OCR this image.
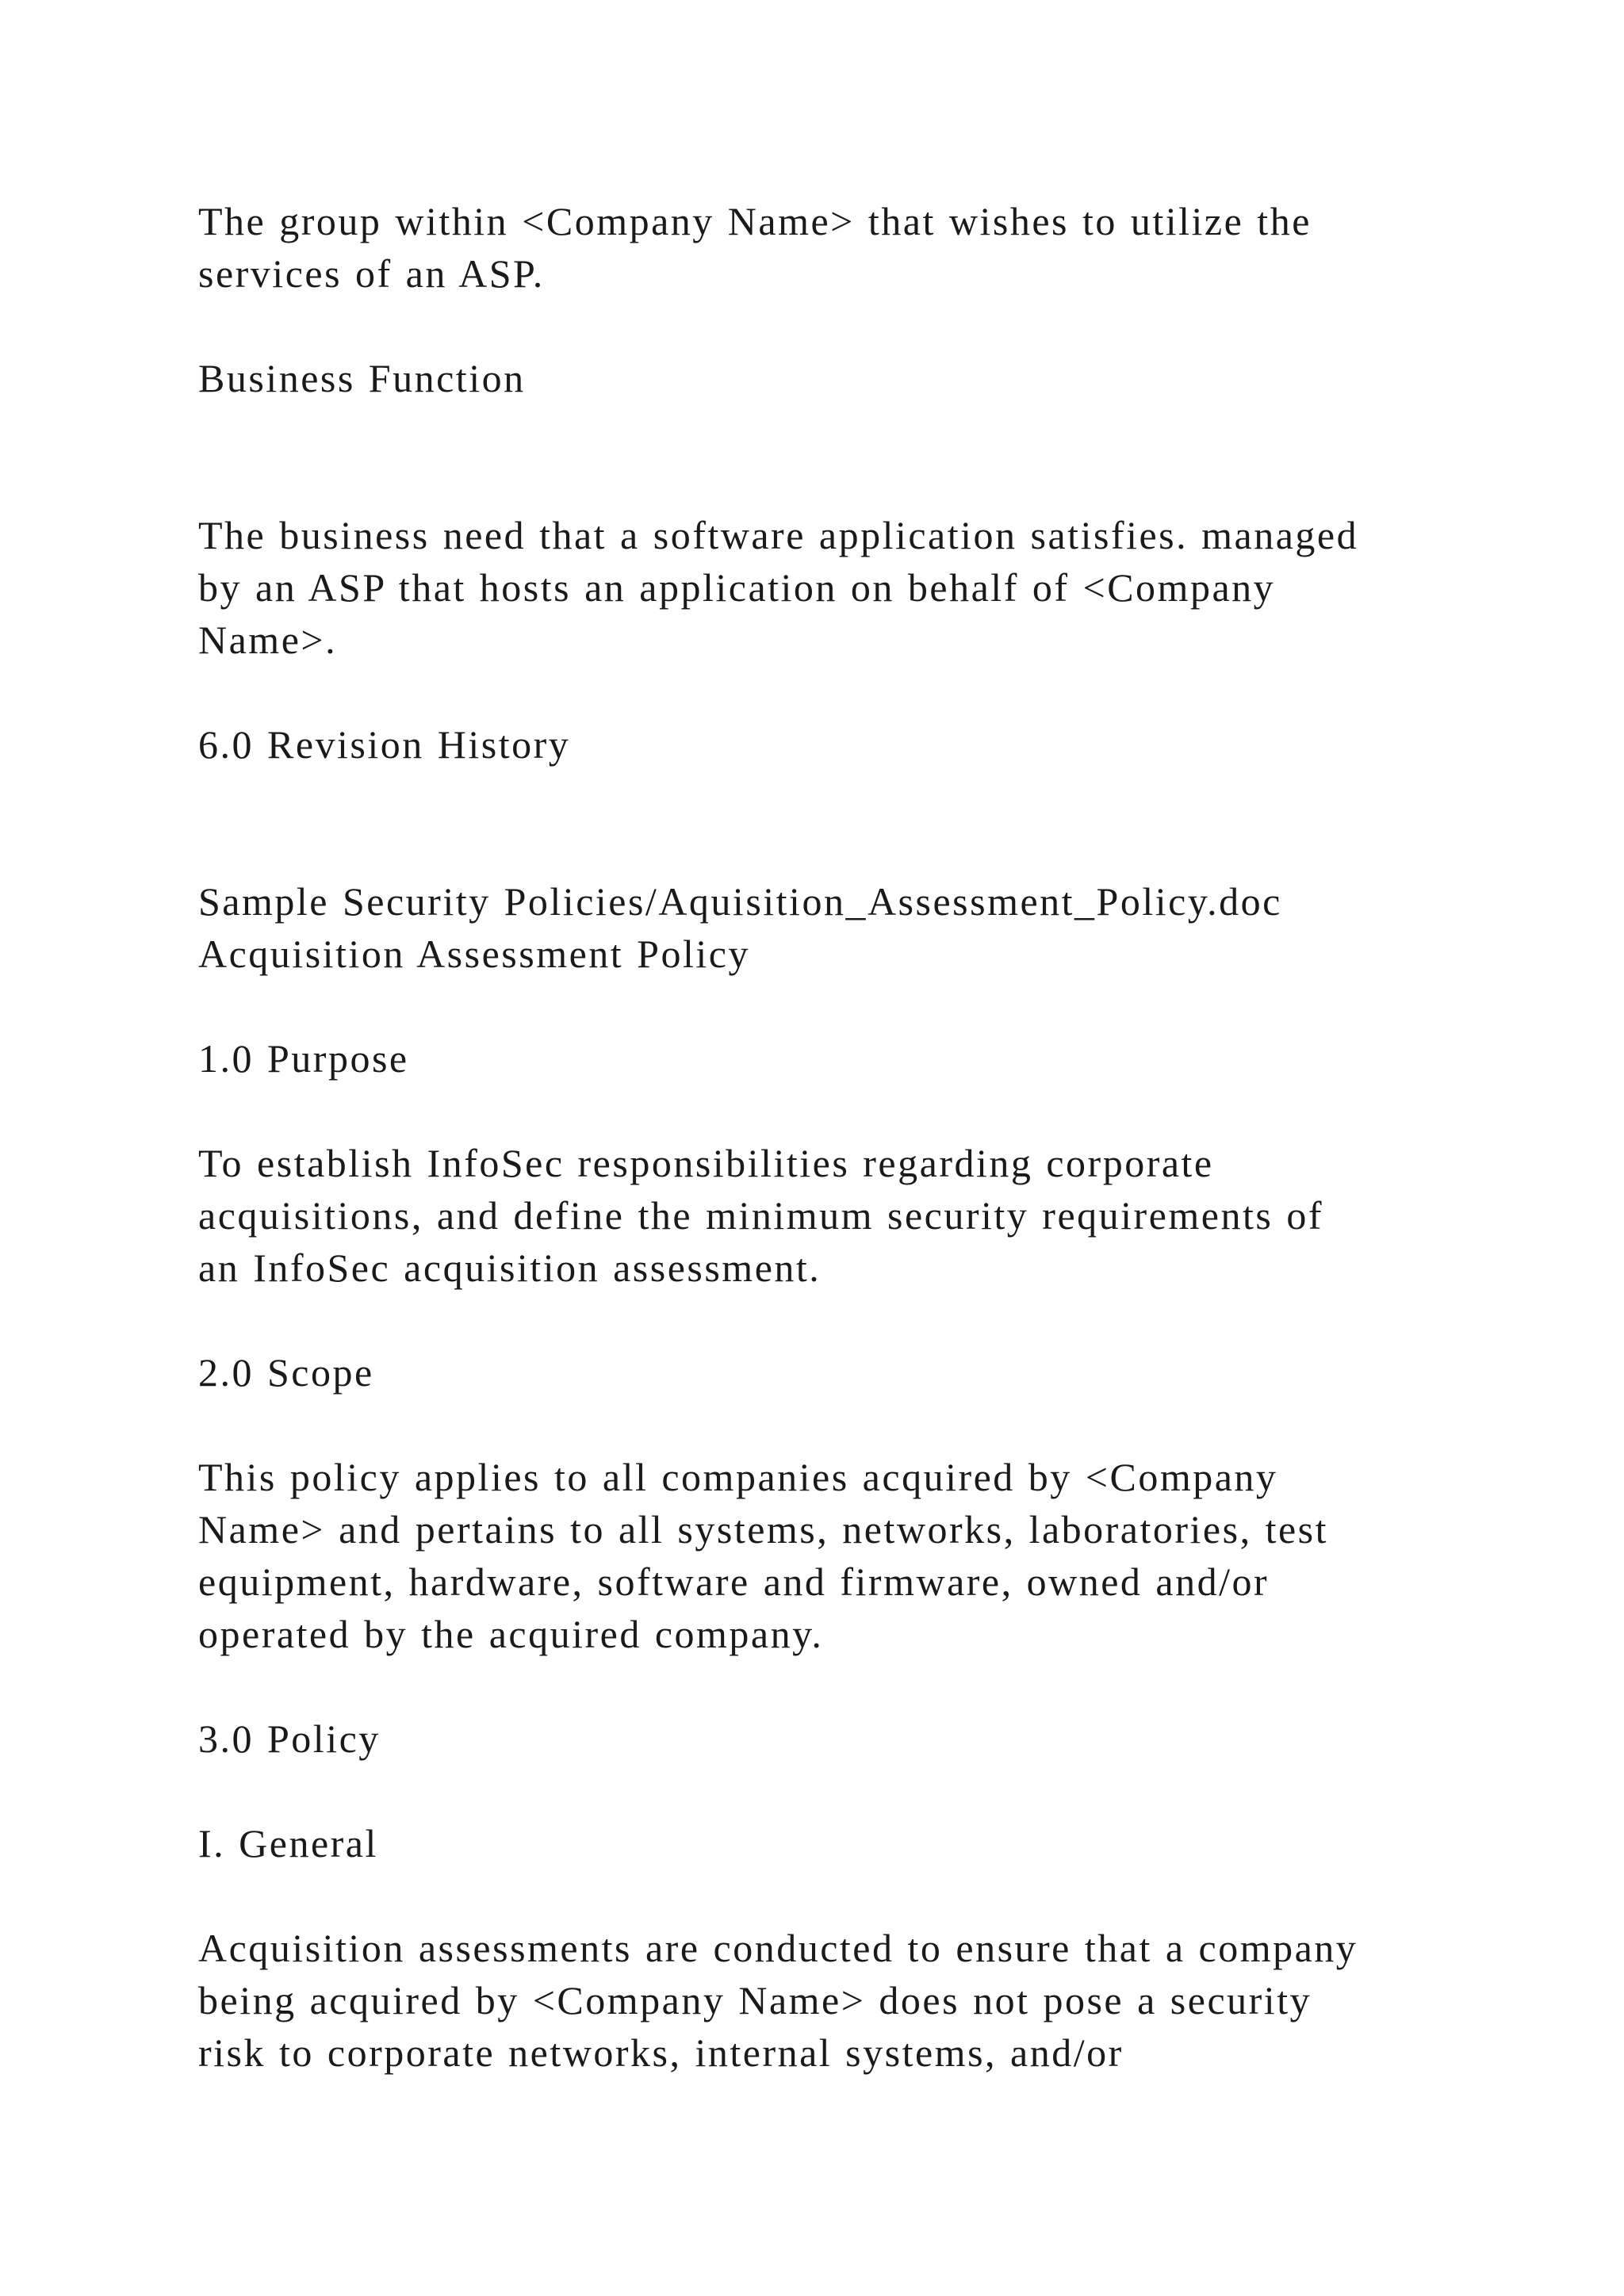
The group within <Company Name> that wishes to utilize the
services of an ASP.
Business Function
The business need that a software application satisfies. managed
by an ASP that hosts an application on behalf of <Company
Name>.
6.0 Revision History
Sample Security Policies/Aquisition_Assessment_Policy.doc
Acquisition Assessment Policy
1.0 Purpose
To establish InfoSec responsibilities regarding corporate
acquisitions, and define the minimum security requirements of
an InfoSec acquisition assessment.
2.0 Scope
This policy applies to all companies acquired by <Company
Name> and pertains to all systems, networks, laboratories, test
equipment, hardware, software and firmware, owned and/or
operated by the acquired company.
3.0 Policy
I. General
Acquisition assessments are conducted to ensure that a company
being acquired by <Company Name> does not pose a security
risk to corporate networks, internal systems, and/or
